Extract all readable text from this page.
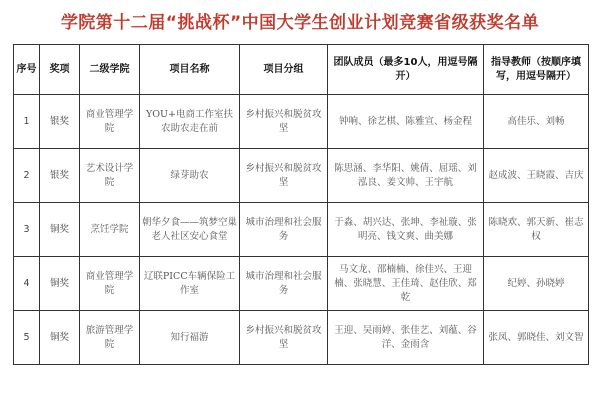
学院第十二届“挑战杯”中国大学生创业计划竞赛省级获奖名单
序号	奖项	二级学院	项目名称	项目分组	团队成员（最多10人，用逗号隔开）	指导教师（按顺序填写，用逗号隔开）
1	银奖	商业管理学院	YOU+电商工作室扶农助农走在前	乡村振兴和脱贫攻坚	钟响、徐艺棋、陈雅宣、杨金程	高佳乐、刘畅
2	银奖	艺术设计学院	绿芽助农	乡村振兴和脱贫攻坚	陈思涵、李华阳、姚倩、屈瑶、刘泓良、姜文帅、王宇航	赵成波、王晓霞、吉庆
3	铜奖	烹饪学院	朝华夕食——筑梦空巢老人社区安心食堂	城市治理和社会服务	于淼、胡兴达、张坤、李祉璇、张明亮、钱文爽、曲美娜	陈晓欢、郭天新、崔志权
4	铜奖	商业管理学院	辽联PICC车辆保险工作室	城市治理和社会服务	马文龙、邵楠楠、徐佳兴、王迎楠、张晓慧、王佳琦、赵佳欣、郑乾	纪婷、孙晓婷
5	铜奖	旅游管理学院	知行福游	乡村振兴和脱贫攻坚	王迎、吴雨婷、张佳艺、刘蕴、谷洋、金雨含	张凤、郭晓佳、刘文智
